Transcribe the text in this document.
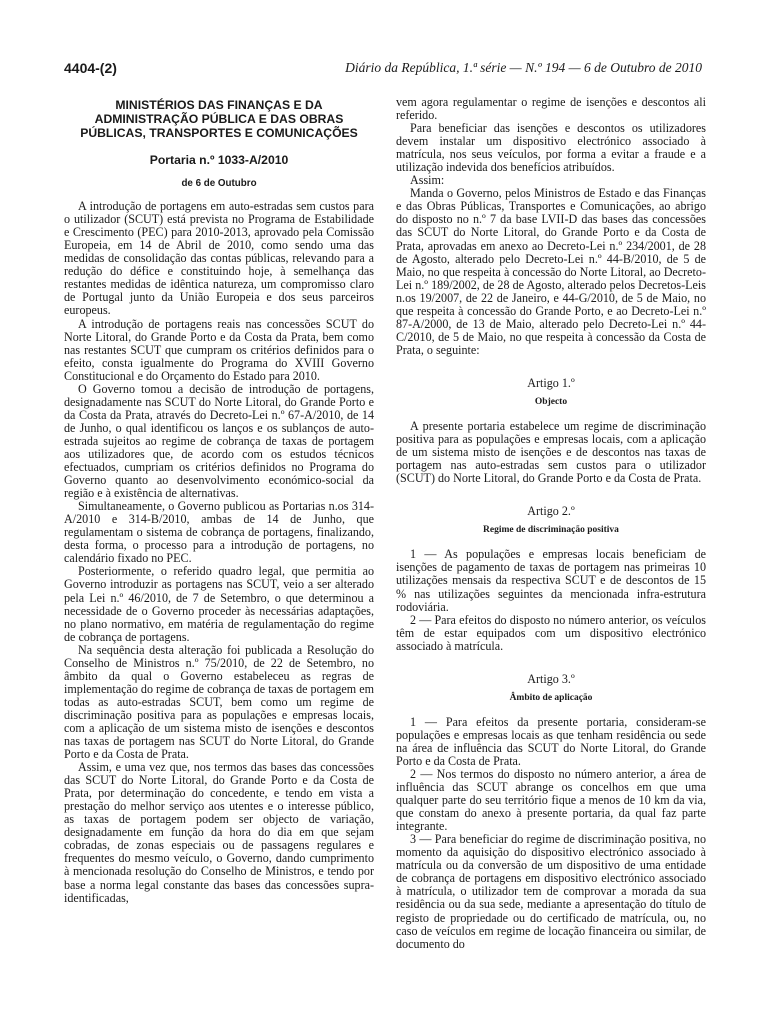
4404-(2)	Diário da República, 1.ª série — N.º 194 — 6 de Outubro de 2010
MINISTÉRIOS DAS FINANÇAS E DA ADMINISTRAÇÃO PÚBLICA E DAS OBRAS PÚBLICAS, TRANSPORTES E COMUNICAÇÕES
Portaria n.º 1033-A/2010
de 6 de Outubro

A introdução de portagens em auto-estradas sem custos para o utilizador (SCUT) está prevista no Programa de Estabilidade e Crescimento (PEC) para 2010-2013, aprovado pela Comissão Europeia, em 14 de Abril de 2010, como sendo uma das medidas de consolidação das contas públicas, relevando para a redução do défice e constituindo hoje, à semelhança das restantes medidas de idêntica natureza, um compromisso claro de Portugal junto da União Europeia e dos seus parceiros europeus.

A introdução de portagens reais nas concessões SCUT do Norte Litoral, do Grande Porto e da Costa da Prata, bem como nas restantes SCUT que cumpram os critérios definidos para o efeito, consta igualmente do Programa do XVIII Governo Constitucional e do Orçamento do Estado para 2010.

O Governo tomou a decisão de introdução de portagens, designadamente nas SCUT do Norte Litoral, do Grande Porto e da Costa da Prata, através do Decreto-Lei n.º 67-A/2010, de 14 de Junho, o qual identificou os lanços e os sublanços de auto-estrada sujeitos ao regime de cobrança de taxas de portagem aos utilizadores que, de acordo com os estudos técnicos efectuados, cumpriam os critérios definidos no Programa do Governo quanto ao desenvolvimento económico-social da região e à existência de alternativas.

Simultaneamente, o Governo publicou as Portarias n.os 314-A/2010 e 314-B/2010, ambas de 14 de Junho, que regulamentam o sistema de cobrança de portagens, finalizando, desta forma, o processo para a introdução de portagens, no calendário fixado no PEC.

Posteriormente, o referido quadro legal, que permitia ao Governo introduzir as portagens nas SCUT, veio a ser alterado pela Lei n.º 46/2010, de 7 de Setembro, o que determinou a necessidade de o Governo proceder às necessárias adaptações, no plano normativo, em matéria de regulamentação do regime de cobrança de portagens.

Na sequência desta alteração foi publicada a Resolução do Conselho de Ministros n.º 75/2010, de 22 de Setembro, no âmbito da qual o Governo estabeleceu as regras de implementação do regime de cobrança de taxas de portagem em todas as auto-estradas SCUT, bem como um regime de discriminação positiva para as populações e empresas locais, com a aplicação de um sistema misto de isenções e descontos nas taxas de portagem nas SCUT do Norte Litoral, do Grande Porto e da Costa de Prata.

Assim, e uma vez que, nos termos das bases das concessões das SCUT do Norte Litoral, do Grande Porto e da Costa de Prata, por determinação do concedente, e tendo em vista a prestação do melhor serviço aos utentes e o interesse público, as taxas de portagem podem ser objecto de variação, designadamente em função da hora do dia em que sejam cobradas, de zonas especiais ou de passagens regulares e frequentes do mesmo veículo, o Governo, dando cumprimento à mencionada resolução do Conselho de Ministros, e tendo por base a norma legal constante das bases das concessões supra-identificadas,

vem agora regulamentar o regime de isenções e descontos ali referido.

Para beneficiar das isenções e descontos os utilizadores devem instalar um dispositivo electrónico associado à matrícula, nos seus veículos, por forma a evitar a fraude e a utilização indevida dos benefícios atribuídos.

Assim:

Manda o Governo, pelos Ministros de Estado e das Finanças e das Obras Públicas, Transportes e Comunicações, ao abrigo do disposto no n.º 7 da base LVII-D das bases das concessões das SCUT do Norte Litoral, do Grande Porto e da Costa de Prata, aprovadas em anexo ao Decreto-Lei n.º 234/2001, de 28 de Agosto, alterado pelo Decreto-Lei n.º 44-B/2010, de 5 de Maio, no que respeita à concessão do Norte Litoral, ao Decreto-Lei n.º 189/2002, de 28 de Agosto, alterado pelos Decretos-Leis n.os 19/2007, de 22 de Janeiro, e 44-G/2010, de 5 de Maio, no que respeita à concessão do Grande Porto, e ao Decreto-Lei n.º 87-A/2000, de 13 de Maio, alterado pelo Decreto-Lei n.º 44-C/2010, de 5 de Maio, no que respeita à concessão da Costa de Prata, o seguinte:

Artigo 1.º
Objecto

A presente portaria estabelece um regime de discriminação positiva para as populações e empresas locais, com a aplicação de um sistema misto de isenções e de descontos nas taxas de portagem nas auto-estradas sem custos para o utilizador (SCUT) do Norte Litoral, do Grande Porto e da Costa de Prata.

Artigo 2.º
Regime de discriminação positiva

1 — As populações e empresas locais beneficiam de isenções de pagamento de taxas de portagem nas primeiras 10 utilizações mensais da respectiva SCUT e de descontos de 15 % nas utilizações seguintes da mencionada infra-estrutura rodoviária.

2 — Para efeitos do disposto no número anterior, os veículos têm de estar equipados com um dispositivo electrónico associado à matrícula.

Artigo 3.º
Âmbito de aplicação

1 — Para efeitos da presente portaria, consideram-se populações e empresas locais as que tenham residência ou sede na área de influência das SCUT do Norte Litoral, do Grande Porto e da Costa de Prata.

2 — Nos termos do disposto no número anterior, a área de influência das SCUT abrange os concelhos em que uma qualquer parte do seu território fique a menos de 10 km da via, que constam do anexo à presente portaria, da qual faz parte integrante.

3 — Para beneficiar do regime de discriminação positiva, no momento da aquisição do dispositivo electrónico associado à matrícula ou da conversão de um dispositivo de uma entidade de cobrança de portagens em dispositivo electrónico associado à matrícula, o utilizador tem de comprovar a morada da sua residência ou da sua sede, mediante a apresentação do título de registo de propriedade ou do certificado de matrícula, ou, no caso de veículos em regime de locação financeira ou similar, de documento do
